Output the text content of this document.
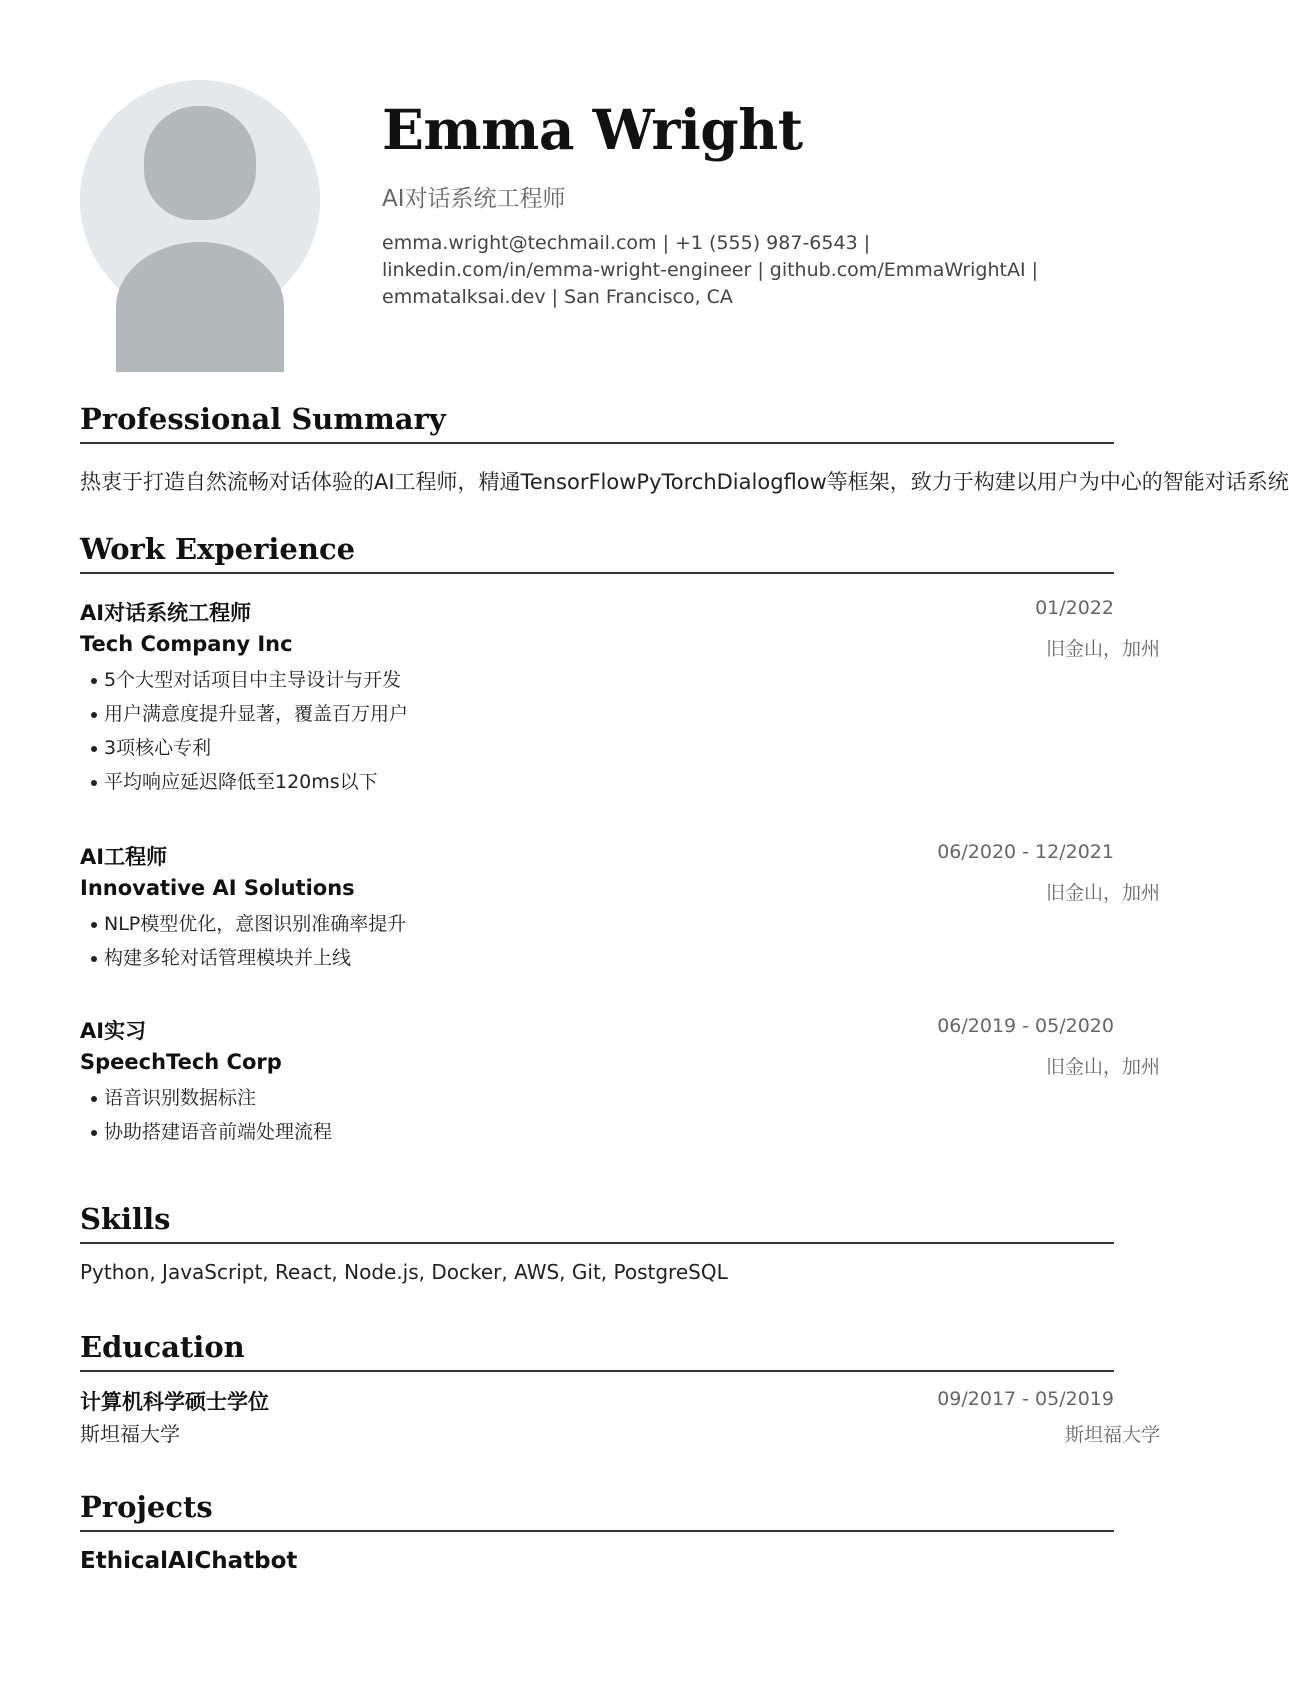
Emma Wright
AI对话系统工程师
emma.wright@techmail.com | +1 (555) 987-6543 | linkedin.com/in/emma-wright-engineer | github.com/EmmaWrightAI | emmatalksai.dev | San Francisco, CA
Professional Summary
热衷于打造自然流畅对话体验的AI工程师，精通TensorFlowPyTorchDialogflow等框架，致力于构建以用户为中心的智能对话系统
Work Experience
AI对话系统工程师	01/2022
Tech Company Inc	旧金山，加州
5个大型对话项目中主导设计与开发
用户满意度提升显著，覆盖百万用户
3项核心专利
平均响应延迟降低至120ms以下
AI工程师	06/2020 - 12/2021
Innovative AI Solutions	旧金山，加州
NLP模型优化，意图识别准确率提升
构建多轮对话管理模块并上线
AI实习	06/2019 - 05/2020
SpeechTech Corp	旧金山，加州
语音识别数据标注
协助搭建语音前端处理流程
Skills
Python, JavaScript, React, Node.js, Docker, AWS, Git, PostgreSQL
Education
计算机科学硕士学位	09/2017 - 05/2019
斯坦福大学	斯坦福大学
Projects
EthicalAIChatbot
